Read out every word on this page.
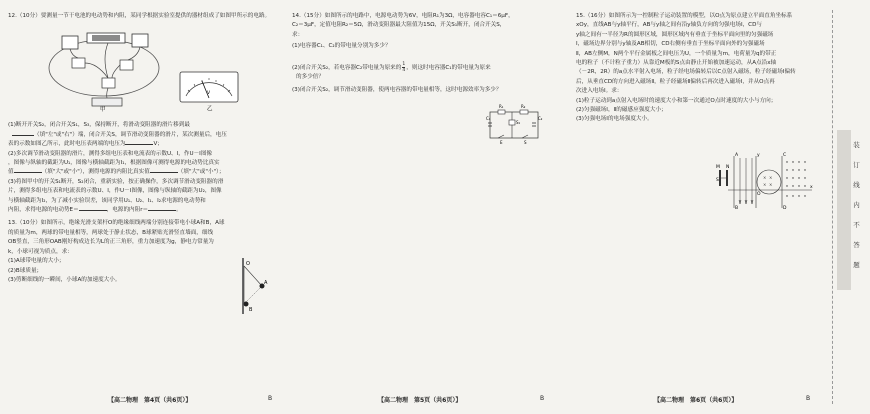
12.（10分）要测量一节干电池的电动势和内阻，某同学根据实验室提供的器材组成了如图甲所示的电路。

(1)断开开关S₂，闭合开关S₁，S₃，保持断开，将滑动变阻器的滑片移到最

（填"左"或"右"）端，闭合开关S，调节滑动变阻器的滑片，某次测量后，电压

表的示数如图乙所示，此时电压表两端的电压为	V；

(2)多次调节滑动变阻器的滑片，测得多组电压表和电流表的示数U、I，作U－I图像

，图像与纵轴的截距为U₁，图像与横轴截距为I₁，根据图像可测得电源的电动势比真实

值	（填"大"或"小"），测得电源的内阻比真实值	（填"大"或"小"）；

(3)将图甲中的开关S₁断开，S₂闭合，重新实验，按正确操作，多次调节滑动变阻器的滑

片，测得多组电压表和电流表的示数U、I，作U－I图像，图像与纵轴的截距为U₂，图像

与横轴截距为I₂，为了减小实验误差，该同学用U₁、U₂、I₁、I₂求电源的电动势和

内阻，求得电源的电动势E＝	，电源的内阻r＝	。

13.（10分）如图所示，绝缘光滑支架杆O的绝缘细线两端分别连接带电小球A和B，A球

的质量为m，两球的带电量相等，两球处于静止状态，B球紧贴光滑竖直墙面，细线

OB竖直，三角形OAB刚好构成边长为L的正三角形，重力加速度为g，静电力常量为

k，小球可视为质点，求：

(1)A球带电量的大小；

(2)B球质量；

(3)剪断细线的一瞬间，小球A的加速度大小。

甲
V
乙
O
A
B

14.（15分）如图所示的电路中，电源电动势为6V，电阻R₁为3Ω，电容器电容C₁＝6μF，

C₂＝3μF，定值电阻R₂＝5Ω，滑动变阻器最大阻值为15Ω，开关S₁断开，闭合开关S，

求：

(1)电容器C₁、C₂的带电量分别为多少？

(2)闭合开关S₂，若电容器C₂带电量为原来的 $\frac{1}{4}$ ，则这时电容器C₁的带电量为原来

的多少倍？

(3)闭合开关S₂，调节滑动变阻器，使两电容器的带电量相等，这时电源效率为多少？

C₁
R₁	R₂
S₁
C₂
S
E

15.（16分）如图所示为一控制粒子运动装置的模型，以O点为原点建立平面直角坐标系

xOy，直线AB与y轴平行，AB与y轴之间有沿y轴负方向的匀强电场Ⅰ，CD与

y轴之间有一半径为R的圆形区域，圆形区域内有垂直于坐标平面向里的匀强磁场

Ⅰ，磁场边界分别与y轴及AB相切，CD右侧有垂直于坐标平面向外的匀强磁场

Ⅱ，AB左侧M，N两个平行金属板之间电压为U，一个质量为m，电荷量为q的带正

电的粒子（不计粒子重力）从靠近M板的S点由静止开始被加速运动，从A点沿x轴

（－2R，2R）的a点水平射入电场，粒子经电场偏转后以C点射入磁场，粒子经磁场Ⅰ偏转

后，从垂直CD的方向进入磁场Ⅱ，粒子经磁场Ⅱ偏转后再次进入磁场Ⅰ，并从O点再

次进入电场Ⅰ。求：

(1)粒子运动到a点射入电场时的速度大小和第一次通过O点时速度的大小与方向；

(2)匀强磁场Ⅰ，Ⅱ的磁感应强度大小；

(3)匀强电场Ⅰ的电场强度大小。

× ×
× ×
M N
S
A
B
y
O
C
D
x
【高二物理　第4页（共6页）】	B	【高二物理　第5页（共6页）】	B	【高二物理　第6页（共6页）】	B
装
订
线
内
不
答
题
